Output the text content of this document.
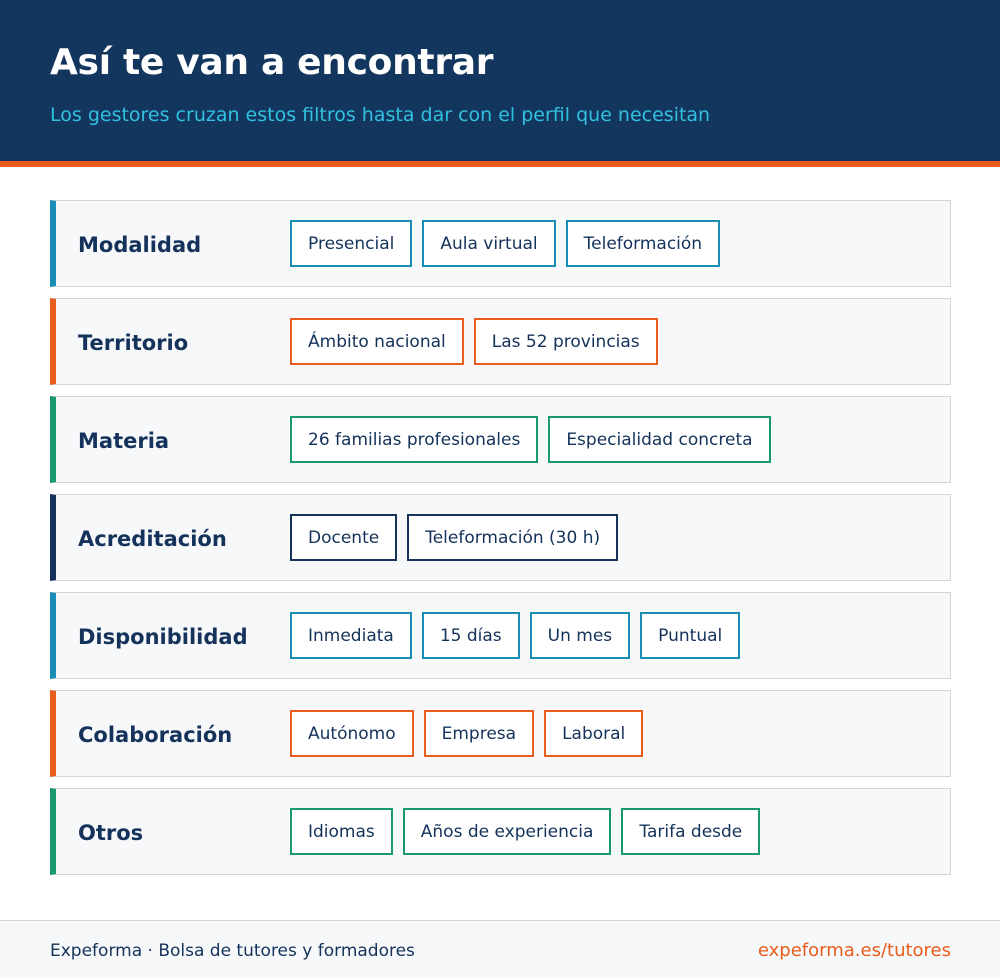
Así te van a encontrar

Los gestores cruzan estos filtros hasta dar con el perfil que necesitan

Modalidad	Presencial	Aula virtual	Teleformación
Territorio	Ámbito nacional	Las 52 provincias
Materia	26 familias profesionales	Especialidad concreta
Acreditación	Docente	Teleformación (30 h)
Disponibilidad	Inmediata	15 días	Un mes	Puntual
Colaboración	Autónomo	Empresa	Laboral
Otros	Idiomas	Años de experiencia	Tarifa desde
Expeforma · Bolsa de tutores y formadores	expeforma.es/tutores
